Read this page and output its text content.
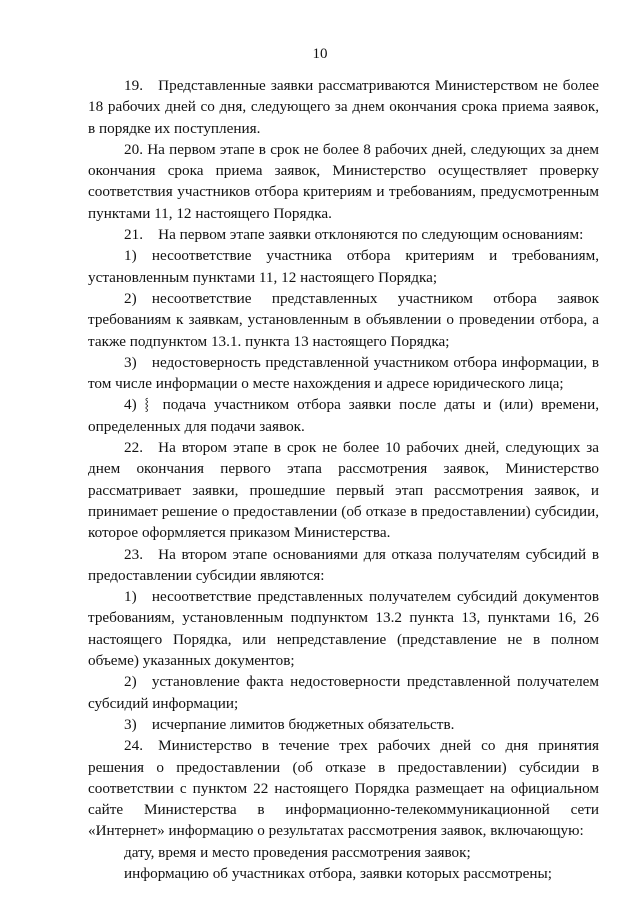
10

19. Представленные заявки рассматриваются Министерством не более 18 рабочих дней со дня, следующего за днем окончания срока приема заявок, в порядке их поступления.

20. На первом этапе в срок не более 8 рабочих дней, следующих за днем окончания срока приема заявок, Министерство осуществляет проверку соответствия участников отбора критериям и требованиям, предусмотренным пунктами 11, 12 настоящего Порядка.

21. На первом этапе заявки отклоняются по следующим основаниям:

1) несоответствие участника отбора критериям и требованиям, установленным пунктами 11, 12 настоящего Порядка;

2) несоответствие представленных участником отбора заявок требованиям к заявкам, установленным в объявлении о проведении отбора, а также подпунктом 13.1. пункта 13 настоящего Порядка;

3) недостоверность представленной участником отбора информации, в том числе информации о месте нахождения и адресе юридического лица;

4) ⸾ подача участником отбора заявки после даты и (или) времени, определенных для подачи заявок.

22. На втором этапе в срок не более 10 рабочих дней, следующих за днем окончания первого этапа рассмотрения заявок, Министерство рассматривает заявки, прошедшие первый этап рассмотрения заявок, и принимает решение о предоставлении (об отказе в предоставлении) субсидии, которое оформляется приказом Министерства.

23. На втором этапе основаниями для отказа получателям субсидий в предоставлении субсидии являются:

1) несоответствие представленных получателем субсидий документов требованиям, установленным подпунктом 13.2 пункта 13, пунктами 16, 26 настоящего Порядка, или непредставление (представление не в полном объеме) указанных документов;

2) установление факта недостоверности представленной получателем субсидий информации;

3) исчерпание лимитов бюджетных обязательств.

24. Министерство в течение трех рабочих дней со дня принятия решения о предоставлении (об отказе в предоставлении) субсидии в соответствии с пунктом 22 настоящего Порядка размещает на официальном сайте Министерства в информационно-телекоммуникационной сети «Интернет» информацию о результатах рассмотрения заявок, включающую:

дату, время и место проведения рассмотрения заявок;

информацию об участниках отбора, заявки которых рассмотрены;
